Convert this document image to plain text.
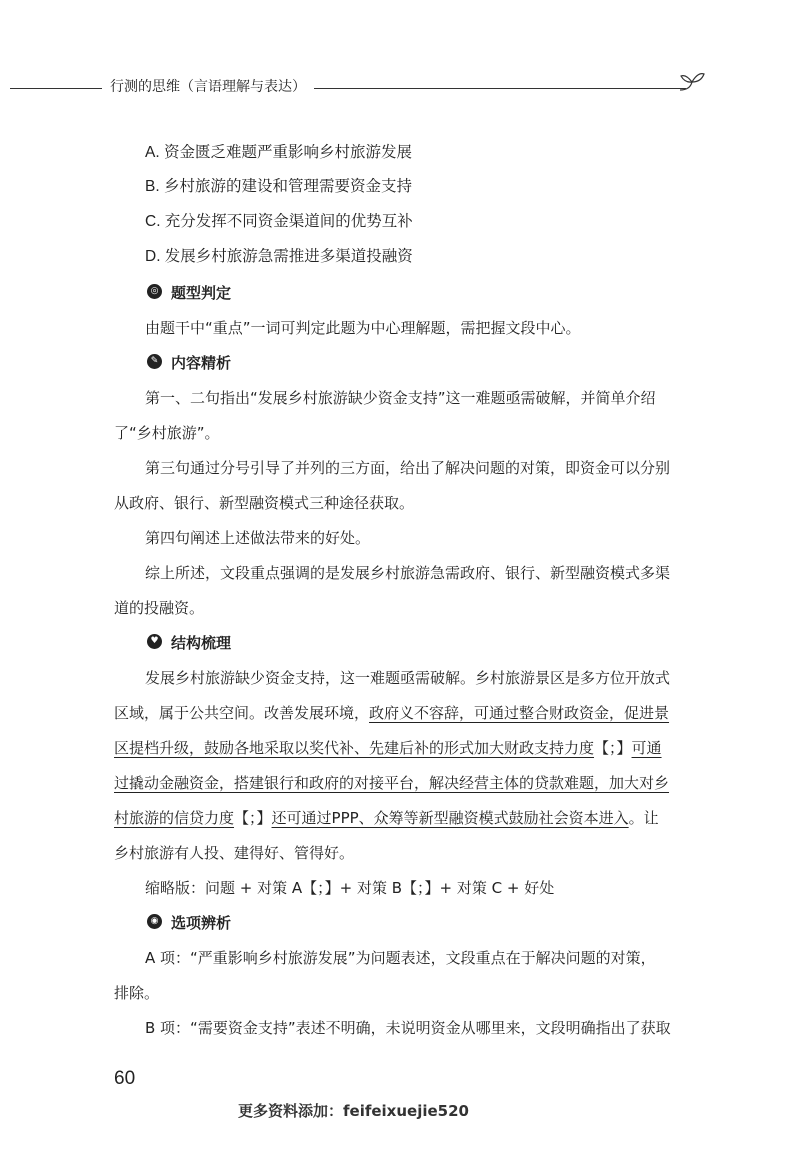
行测的思维（言语理解与表达）
A. 资金匮乏难题严重影响乡村旅游发展
B. 乡村旅游的建设和管理需要资金支持
C. 充分发挥不同资金渠道间的优势互补
D. 发展乡村旅游急需推进多渠道投融资
◎ 题型判定
由题干中“重点”一词可判定此题为中心理解题，需把握文段中心。
✎ 内容精析
第一、二句指出“发展乡村旅游缺少资金支持”这一难题亟需破解，并简单介绍
了“乡村旅游”。
第三句通过分号引导了并列的三方面，给出了解决问题的对策，即资金可以分别
从政府、银行、新型融资模式三种途径获取。
第四句阐述上述做法带来的好处。
综上所述，文段重点强调的是发展乡村旅游急需政府、银行、新型融资模式多渠
道的投融资。
♥ 结构梳理
发展乡村旅游缺少资金支持，这一难题亟需破解。乡村旅游景区是多方位开放式
区域，属于公共空间。改善发展环境，政府义不容辞，可通过整合财政资金，促进景
区提档升级，鼓励各地采取以奖代补、先建后补的形式加大财政支持力度【；】可通
过撬动金融资金，搭建银行和政府的对接平台，解决经营主体的贷款难题，加大对乡
村旅游的信贷力度【；】还可通过PPP、众筹等新型融资模式鼓励社会资本进入。让
乡村旅游有人投、建得好、管得好。
缩略版：问题 + 对策 A【；】+ 对策 B【；】+ 对策 C + 好处
◉ 选项辨析
A 项：“严重影响乡村旅游发展”为问题表述，文段重点在于解决问题的对策，
排除。
B 项：“需要资金支持”表述不明确，未说明资金从哪里来，文段明确指出了获取
60
更多资料添加：feifeixuejie520
